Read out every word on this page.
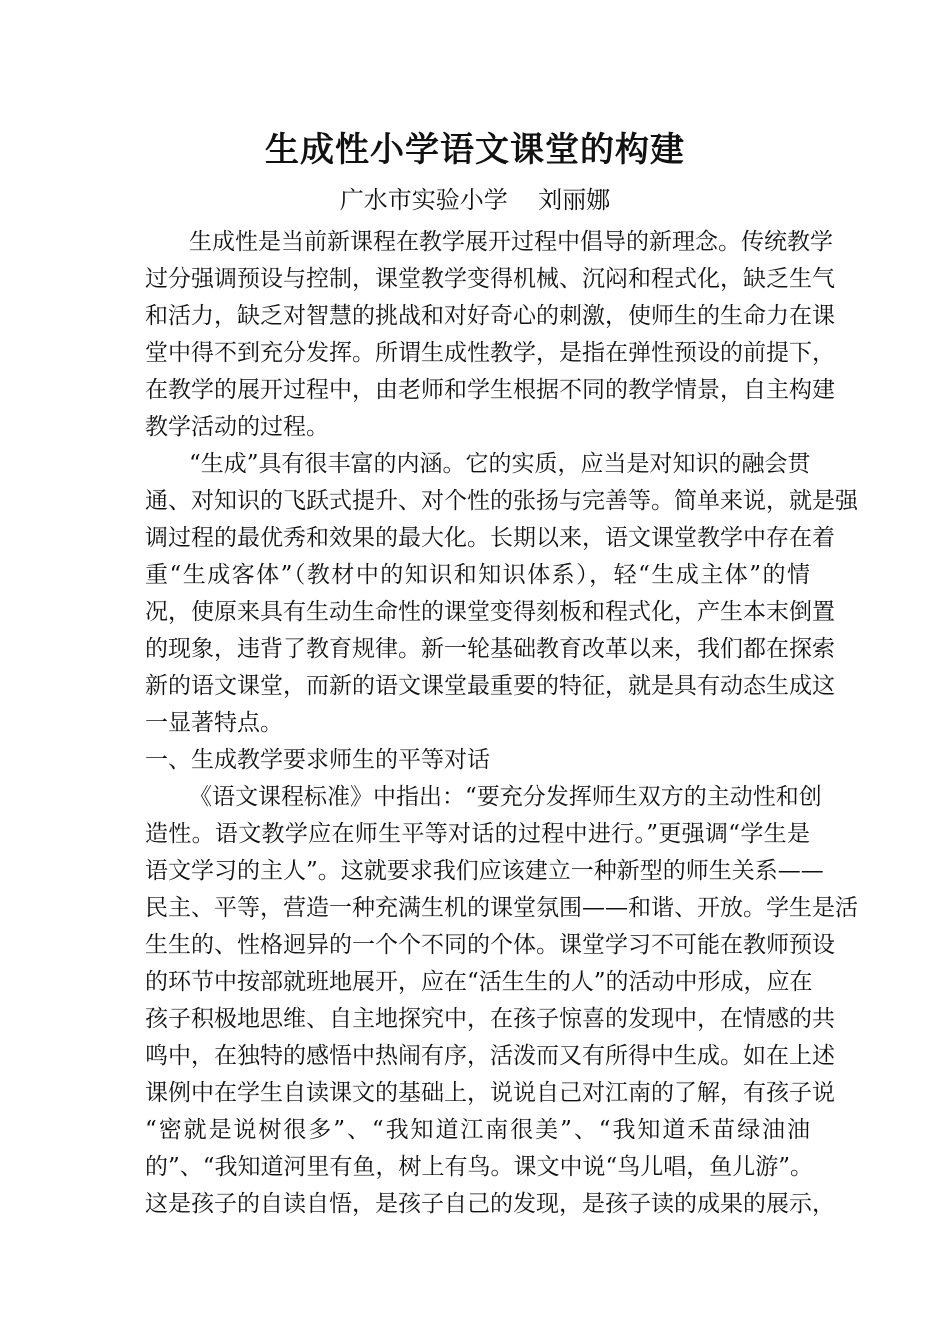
生成性小学语文课堂的构建
广水市实验小学    刘丽娜
生成性是当前新课程在教学展开过程中倡导的新理念。传统教学
过分强调预设与控制，课堂教学变得机械、沉闷和程式化，缺乏生气
和活力，缺乏对智慧的挑战和对好奇心的刺激，使师生的生命力在课
堂中得不到充分发挥。所谓生成性教学，是指在弹性预设的前提下，
在教学的展开过程中，由老师和学生根据不同的教学情景，自主构建
教学活动的过程。
“生成”具有很丰富的内涵。它的实质，应当是对知识的融会贯
通、对知识的飞跃式提升、对个性的张扬与完善等。简单来说，就是强
调过程的最优秀和效果的最大化。长期以来，语文课堂教学中存在着
重“生成客体”（教材中的知识和知识体系），轻“生成主体”的情
况，使原来具有生动生命性的课堂变得刻板和程式化，产生本末倒置
的现象，违背了教育规律。新一轮基础教育改革以来，我们都在探索
新的语文课堂，而新的语文课堂最重要的特征，就是具有动态生成这
一显著特点。
一、生成教学要求师生的平等对话
《语文课程标准》中指出：“要充分发挥师生双方的主动性和创
造性。语文教学应在师生平等对话的过程中进行。”更强调“学生是
语文学习的主人”。这就要求我们应该建立一种新型的师生关系——
民主、平等，营造一种充满生机的课堂氛围——和谐、开放。学生是活
生生的、性格迥异的一个个不同的个体。课堂学习不可能在教师预设
的环节中按部就班地展开，应在“活生生的人”的活动中形成，应在
孩子积极地思维、自主地探究中，在孩子惊喜的发现中，在情感的共
鸣中，在独特的感悟中热闹有序，活泼而又有所得中生成。如在上述
课例中在学生自读课文的基础上，说说自己对江南的了解，有孩子说
“密就是说树很多”、“我知道江南很美”、“我知道禾苗绿油油
的”、“我知道河里有鱼，树上有鸟。课文中说“鸟儿唱，鱼儿游”。
这是孩子的自读自悟，是孩子自己的发现，是孩子读的成果的展示，
